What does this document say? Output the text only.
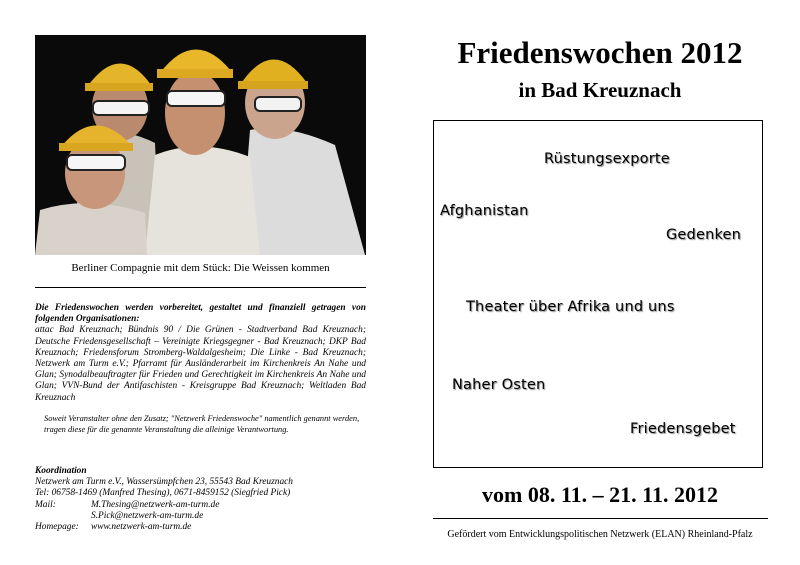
Berliner Compagnie mit dem Stück: Die Weissen kommen
Die Friedenswochen werden vorbereitet, gestaltet und finanziell getragen von folgenden Organisationen:
attac Bad Kreuznach; Bündnis 90 / Die Grünen - Stadtverband Bad Kreuznach; Deutsche Friedensgesellschaft – Vereinigte Kriegsgegner - Bad Kreuznach; DKP Bad Kreuznach; Friedensforum Stromberg-Waldalgesheim; Die Linke - Bad Kreuznach; Netzwerk am Turm e.V.; Pfarramt für Ausländerarbeit im Kirchenkreis An Nahe und Glan; Synodalbeauftragter für Frieden und Gerechtigkeit im Kirchenkreis An Nahe und Glan; VVN-Bund der Antifaschisten - Kreisgruppe Bad Kreuznach; Weltladen Bad Kreuznach
Soweit Veranstalter ohne den Zusatz; "Netzwerk Friedenswoche" namentlich genannt werden, tragen diese für die genannte Veranstaltung die alleinige Verantwortung.
Koordination
Netzwerk am Turm e.V., Wassersümpfchen 23, 55543 Bad Kreuznach
Tel: 06758-1469 (Manfred Thesing), 0671-8459152 (Siegfried Pick)
Mail:	M.Thesing@netzwerk-am-turm.de
S.Pick@netzwerk-am-turm.de
Homepage:	www.netzwerk-am-turm.de
Friedenswochen 2012
in Bad Kreuznach
Rüstungsexporte
Afghanistan
Gedenken
Theater über Afrika und uns
Naher Osten
Friedensgebet
vom 08. 11. – 21. 11. 2012
Gefördert vom Entwicklungspolitischen Netzwerk (ELAN) Rheinland-Pfalz
